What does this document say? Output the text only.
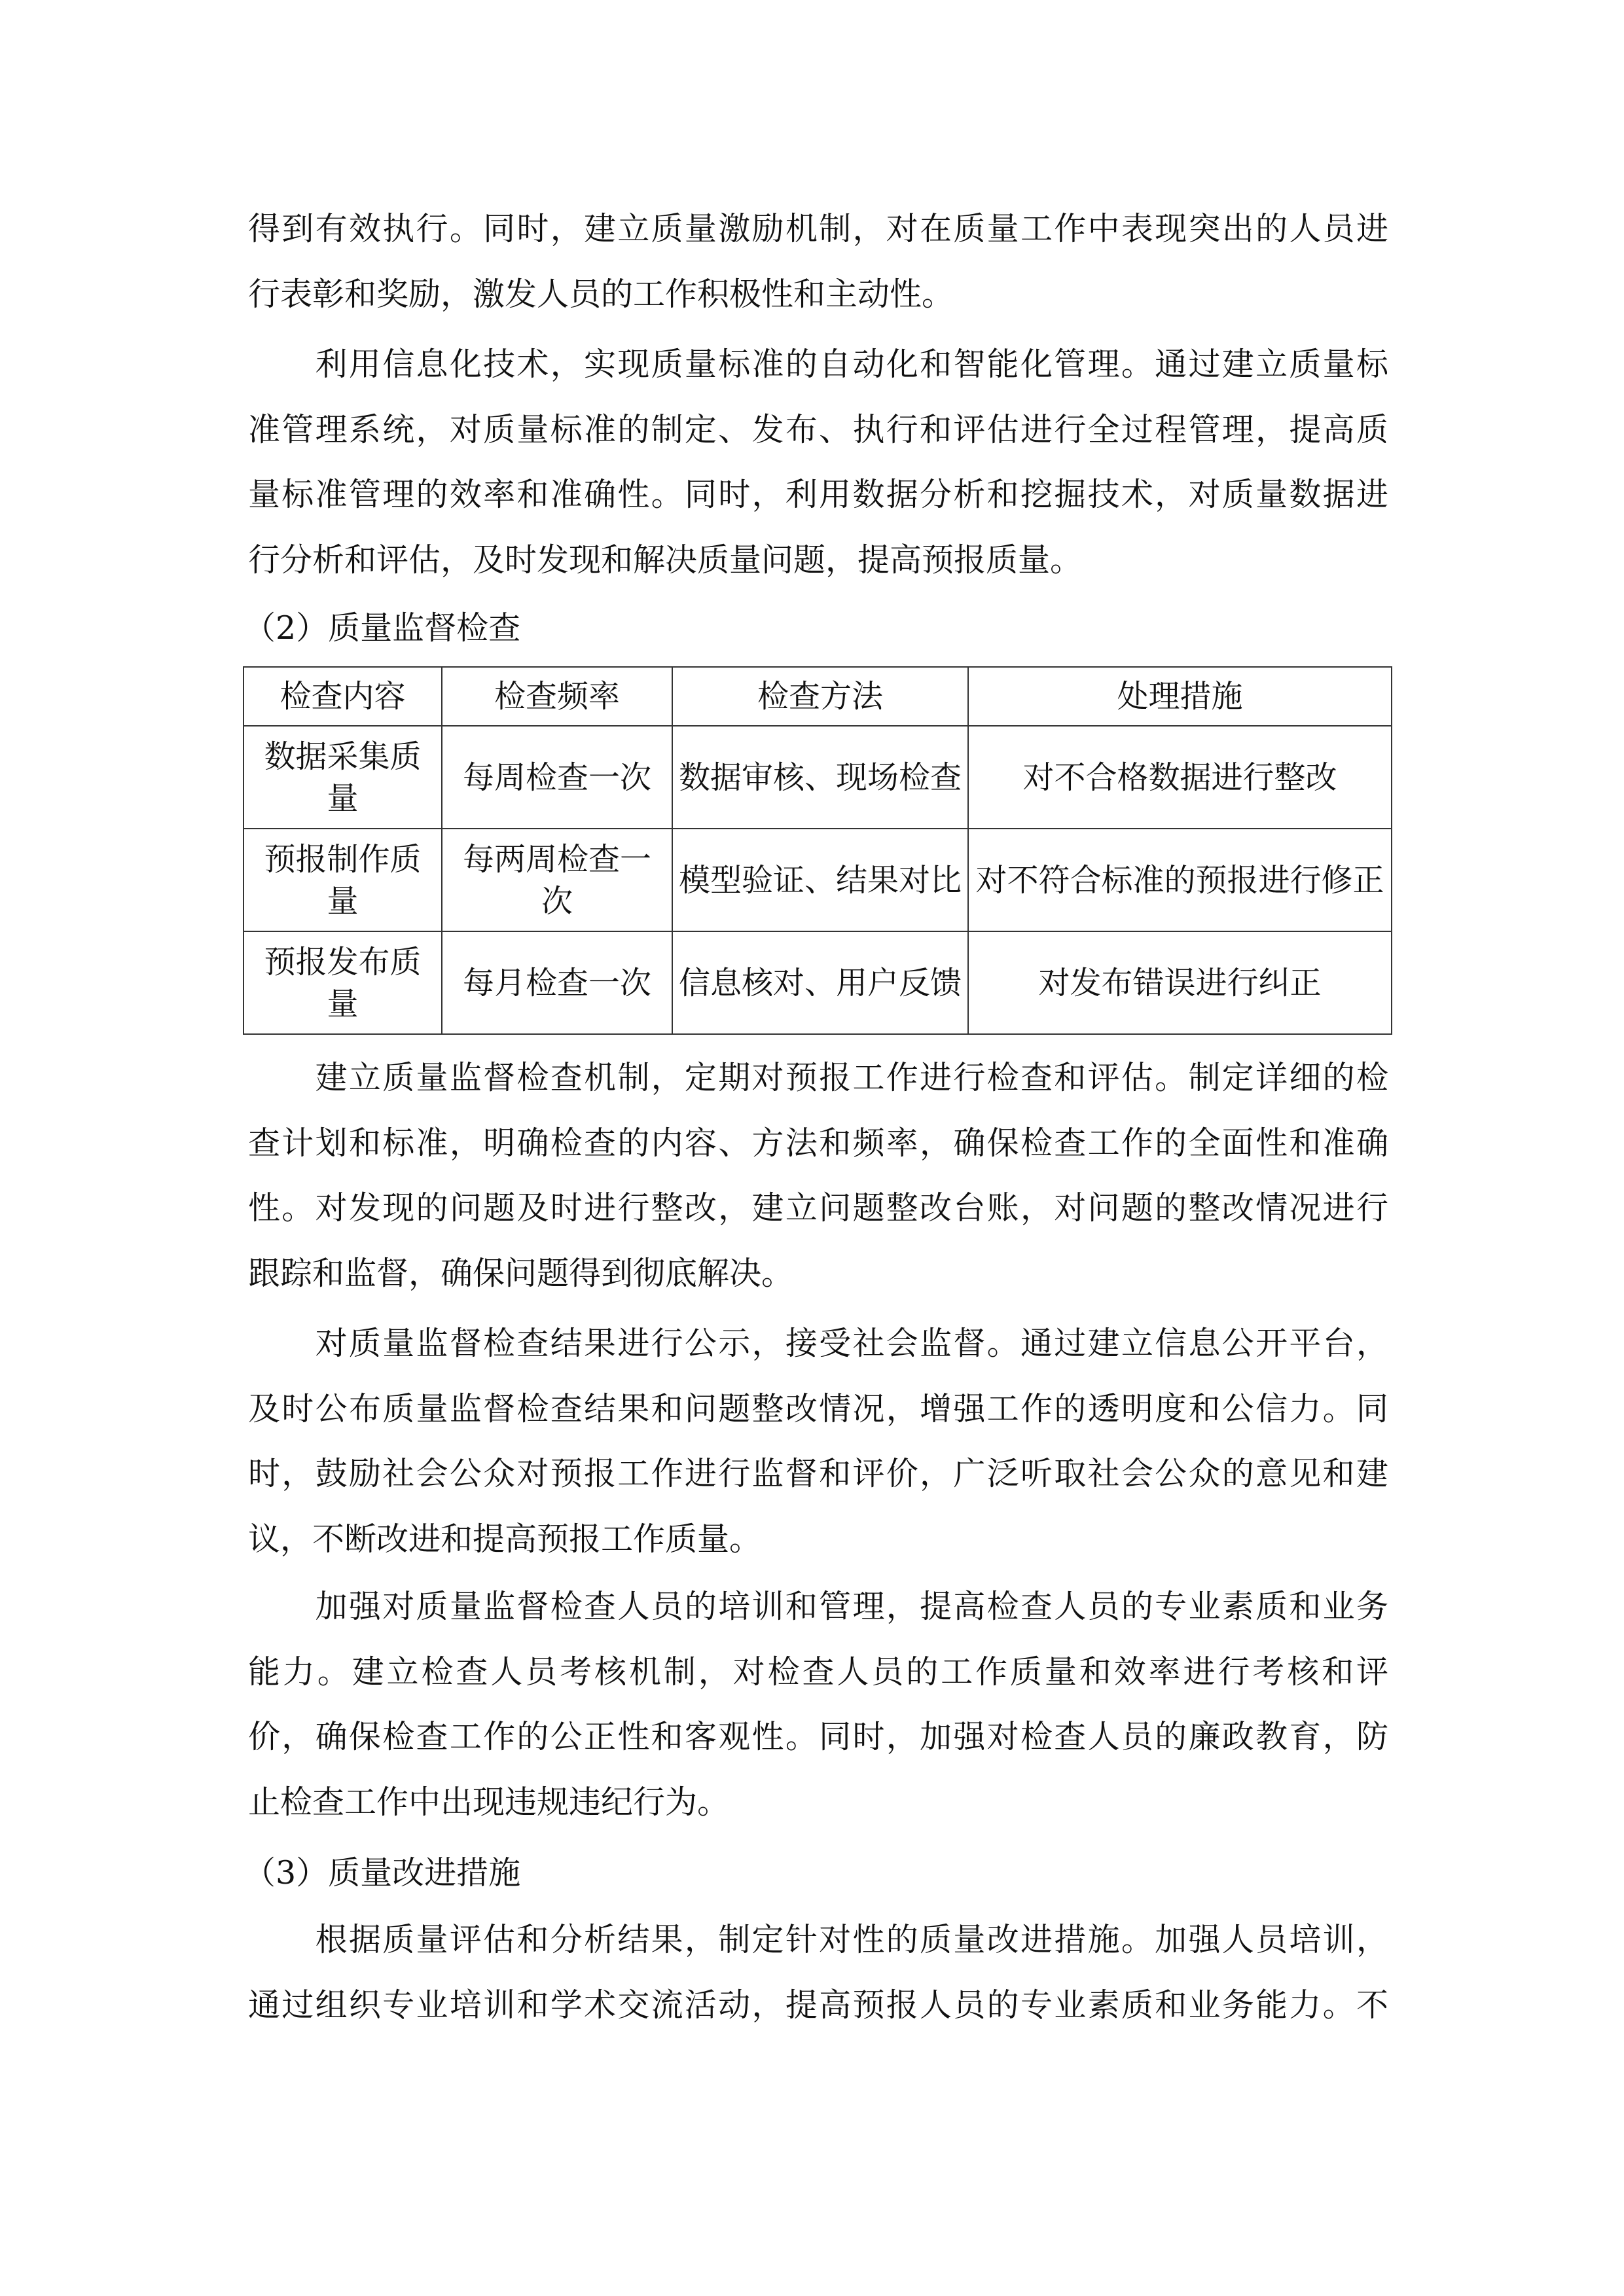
得到有效执行。同时，建立质量激励机制，对在质量工作中表现突出的人员进
行表彰和奖励，激发人员的工作积极性和主动性。
　　利用信息化技术，实现质量标准的自动化和智能化管理。通过建立质量标
准管理系统，对质量标准的制定、发布、执行和评估进行全过程管理，提高质
量标准管理的效率和准确性。同时，利用数据分析和挖掘技术，对质量数据进
行分析和评估，及时发现和解决质量问题，提高预报质量。
（2）质量监督检查
检查内容	检查频率	检查方法	处理措施
数据采集质量	每周检查一次	数据审核、现场检查	对不合格数据进行整改
预报制作质量	每两周检查一次	模型验证、结果对比	对不符合标准的预报进行修正
预报发布质量	每月检查一次	信息核对、用户反馈	对发布错误进行纠正
　　建立质量监督检查机制，定期对预报工作进行检查和评估。制定详细的检
查计划和标准，明确检查的内容、方法和频率，确保检查工作的全面性和准确
性。对发现的问题及时进行整改，建立问题整改台账，对问题的整改情况进行
跟踪和监督，确保问题得到彻底解决。
　　对质量监督检查结果进行公示，接受社会监督。通过建立信息公开平台，
及时公布质量监督检查结果和问题整改情况，增强工作的透明度和公信力。同
时，鼓励社会公众对预报工作进行监督和评价，广泛听取社会公众的意见和建
议，不断改进和提高预报工作质量。
　　加强对质量监督检查人员的培训和管理，提高检查人员的专业素质和业务
能力。建立检查人员考核机制，对检查人员的工作质量和效率进行考核和评
价，确保检查工作的公正性和客观性。同时，加强对检查人员的廉政教育，防
止检查工作中出现违规违纪行为。
（3）质量改进措施
　　根据质量评估和分析结果，制定针对性的质量改进措施。加强人员培训，
通过组织专业培训和学术交流活动，提高预报人员的专业素质和业务能力。不
